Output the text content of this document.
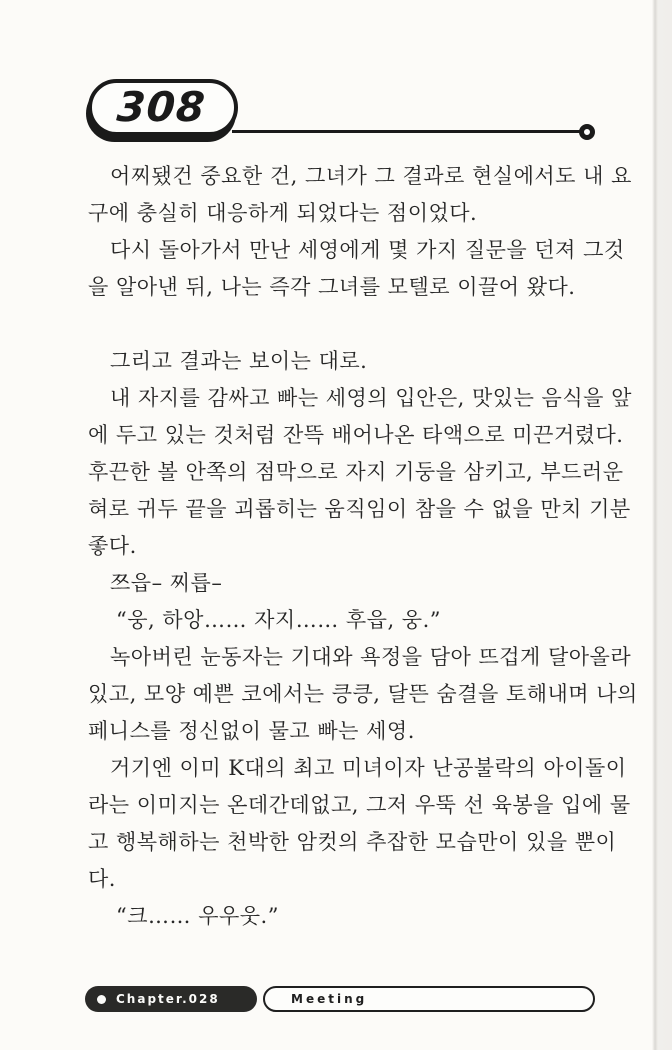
308
어찌됐건 중요한 건, 그녀가 그 결과로 현실에서도 내 요
구에 충실히 대응하게 되었다는 점이었다.
다시 돌아가서 만난 세영에게 몇 가지 질문을 던져 그것
을 알아낸 뒤, 나는 즉각 그녀를 모텔로 이끌어 왔다.
그리고 결과는 보이는 대로.
내 자지를 감싸고 빠는 세영의 입안은, 맛있는 음식을 앞
에 두고 있는 것처럼 잔뜩 배어나온 타액으로 미끈거렸다.
후끈한 볼 안쪽의 점막으로 자지 기둥을 삼키고, 부드러운
혀로 귀두 끝을 괴롭히는 움직임이 참을 수 없을 만치 기분
좋다.
쯔읍– 찌릅–
“웅, 하앙…… 자지…… 후읍, 웅.”
녹아버린 눈동자는 기대와 욕정을 담아 뜨겁게 달아올라
있고, 모양 예쁜 코에서는 킁킁, 달뜬 숨결을 토해내며 나의
페니스를 정신없이 물고 빠는 세영.
거기엔 이미 K대의 최고 미녀이자 난공불락의 아이돌이
라는 이미지는 온데간데없고, 그저 우뚝 선 육봉을 입에 물
고 행복해하는 천박한 암컷의 추잡한 모습만이 있을 뿐이
다.
“크…… 우우웃.”
Chapter.028	Meeting
